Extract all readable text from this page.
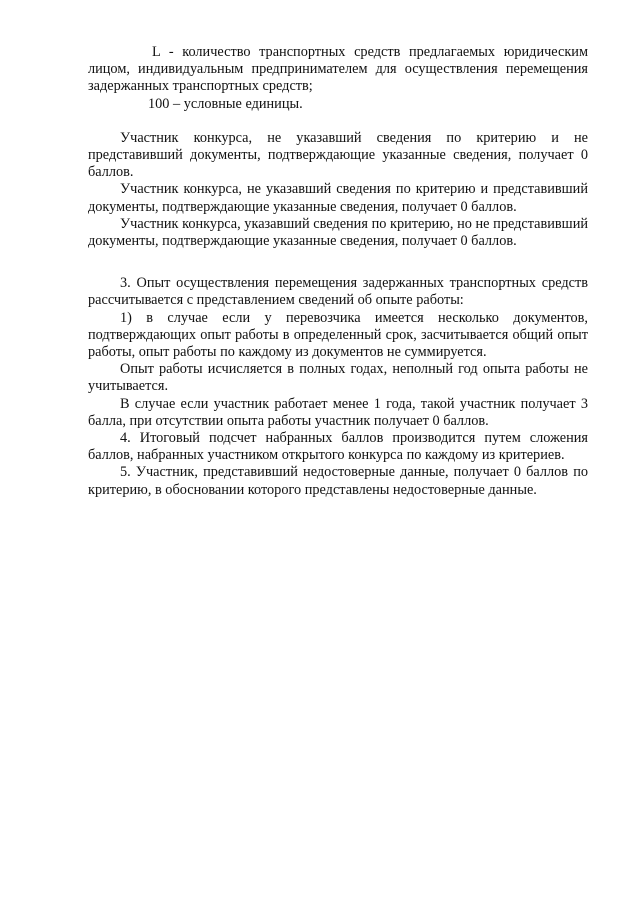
L - количество транспортных средств предлагаемых юридическим лицом, индивидуальным предпринимателем для осуществления перемещения задержанных транспортных средств;

100 – условные единицы.

Участник конкурса, не указавший сведения по критерию и не представивший документы, подтверждающие указанные сведения, получает 0 баллов.

Участник конкурса, не указавший сведения по критерию и представивший документы, подтверждающие указанные сведения, получает 0 баллов.

Участник конкурса, указавший сведения по критерию, но не представивший документы, подтверждающие указанные сведения, получает 0 баллов.

3. Опыт осуществления перемещения задержанных транспортных средств рассчитывается с представлением сведений об опыте работы:

1) в случае если у перевозчика имеется несколько документов, подтверждающих опыт работы в определенный срок, засчитывается общий опыт работы, опыт работы по каждому из документов не суммируется.

Опыт работы исчисляется в полных годах, неполный год опыта работы не учитывается.

В случае если участник работает менее 1 года, такой участник получает 3 балла, при отсутствии опыта работы участник получает 0 баллов.

4. Итоговый подсчет набранных баллов производится путем сложения баллов, набранных участником открытого конкурса по каждому из критериев.

5. Участник, представивший недостоверные данные, получает 0 баллов по критерию, в обосновании которого представлены недостоверные данные.
